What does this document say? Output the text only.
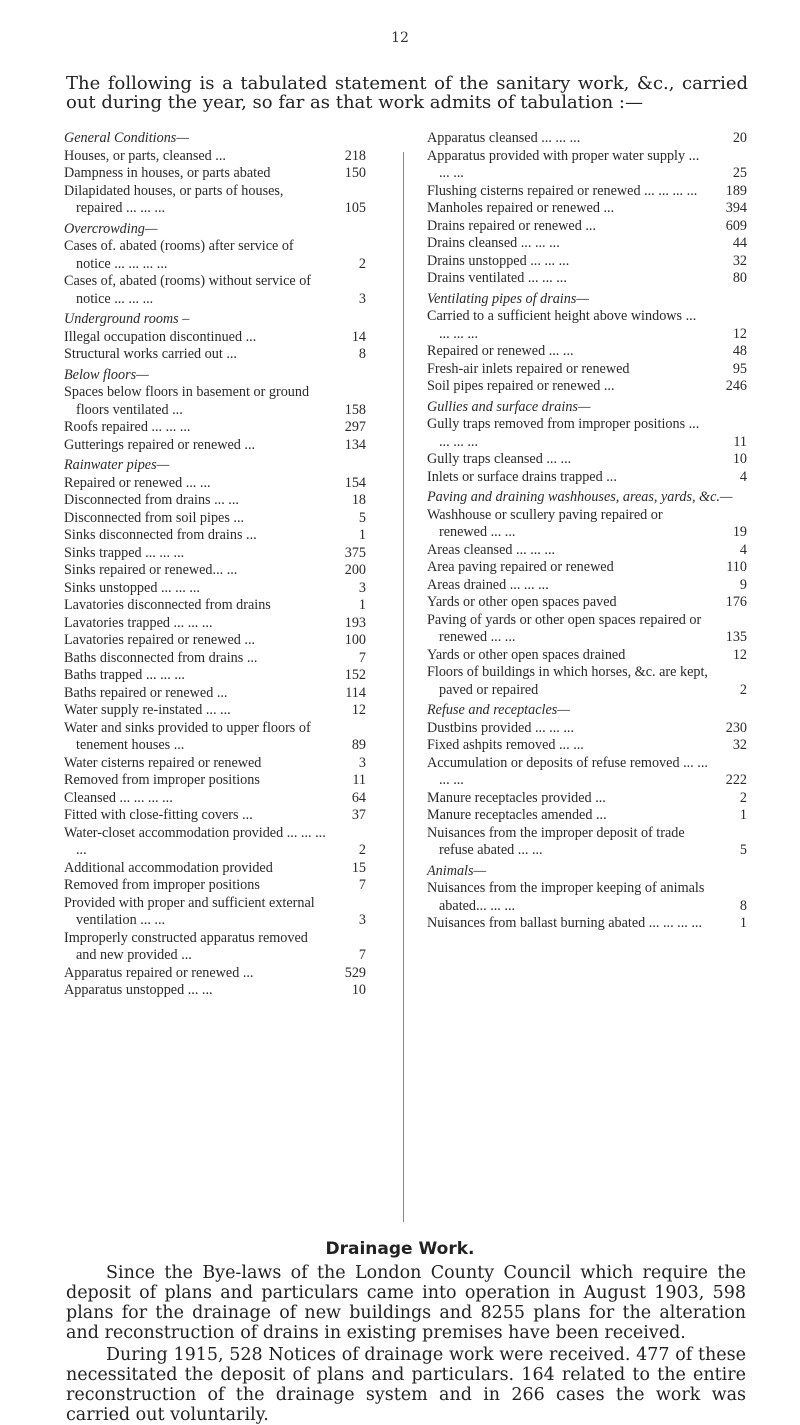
12
The following is a tabulated statement of the sanitary work, &c., carried out during the year, so far as that work admits of tabulation :—
General Conditions—
Houses, or parts, cleansed ...	218
Dampness in houses, or parts abated	150
Dilapidated houses, or parts of houses, repaired ... ... ...	105
Overcrowding—
Cases of. abated (rooms) after service of notice ... ... ... ...	2
Cases of, abated (rooms) without service of notice ... ... ...	3
Underground rooms –
Illegal occupation discontinued ...	14
Structural works carried out ...	8
Below floors—
Spaces below floors in basement or ground floors ventilated ...	158
Roofs repaired ... ... ...	297
Gutterings repaired or renewed ...	134
Rainwater pipes—
Repaired or renewed ... ...	154
Disconnected from drains ... ...	18
Disconnected from soil pipes ...	5
Sinks disconnected from drains ...	1
Sinks trapped ... ... ...	375
Sinks repaired or renewed... ...	200
Sinks unstopped ... ... ...	3
Lavatories disconnected from drains	1
Lavatories trapped ... ... ...	193
Lavatories repaired or renewed ...	100
Baths disconnected from drains ...	7
Baths trapped ... ... ...	152
Baths repaired or renewed ...	114
Water supply re-instated ... ...	12
Water and sinks provided to upper floors of tenement houses ...	89
Water cisterns repaired or renewed	3
Removed from improper positions	11
Cleansed ... ... ... ...	64
Fitted with close-fitting covers ...	37
Water-closet accommodation provided ... ... ... ...	2
Additional accommodation provided	15
Removed from improper positions	7
Provided with proper and sufficient external ventilation ... ...	3
Improperly constructed apparatus removed and new provided ...	7
Apparatus repaired or renewed ...	529
Apparatus unstopped ... ...	10
Apparatus cleansed ... ... ...	20
Apparatus provided with proper water supply ... ... ...	25
Flushing cisterns repaired or renewed ... ... ... ...	189
Manholes repaired or renewed ...	394
Drains repaired or renewed ...	609
Drains cleansed ... ... ...	44
Drains unstopped ... ... ...	32
Drains ventilated ... ... ...	80
Ventilating pipes of drains—
Carried to a sufficient height above windows ... ... ... ...	12
Repaired or renewed ... ...	48
Fresh-air inlets repaired or renewed	95
Soil pipes repaired or renewed ...	246
Gullies and surface drains—
Gully traps removed from improper positions ... ... ... ...	11
Gully traps cleansed ... ...	10
Inlets or surface drains trapped ...	4
Paving and draining washhouses, areas, yards, &c.—
Washhouse or scullery paving repaired or renewed ... ...	19
Areas cleansed ... ... ...	4
Area paving repaired or renewed	110
Areas drained ... ... ...	9
Yards or other open spaces paved	176
Paving of yards or other open spaces repaired or renewed ... ...	135
Yards or other open spaces drained	12
Floors of buildings in which horses, &c. are kept, paved or repaired	2
Refuse and receptacles—
Dustbins provided ... ... ...	230
Fixed ashpits removed ... ...	32
Accumulation or deposits of refuse removed ... ... ... ...	222
Manure receptacles provided ...	2
Manure receptacles amended ...	1
Nuisances from the improper deposit of trade refuse abated ... ...	5
Animals—
Nuisances from the improper keeping of animals abated... ... ...	8
Nuisances from ballast burning abated ... ... ... ...	1
Drainage Work.
Since the Bye-laws of the London County Council which require the deposit of plans and particulars came into operation in August 1903, 598 plans for the drainage of new buildings and 8255 plans for the alteration and reconstruction of drains in existing premises have been received.
During 1915, 528 Notices of drainage work were received. 477 of these necessitated the deposit of plans and particulars. 164 related to the entire reconstruction of the drainage system and in 266 cases the work was carried out voluntarily.
